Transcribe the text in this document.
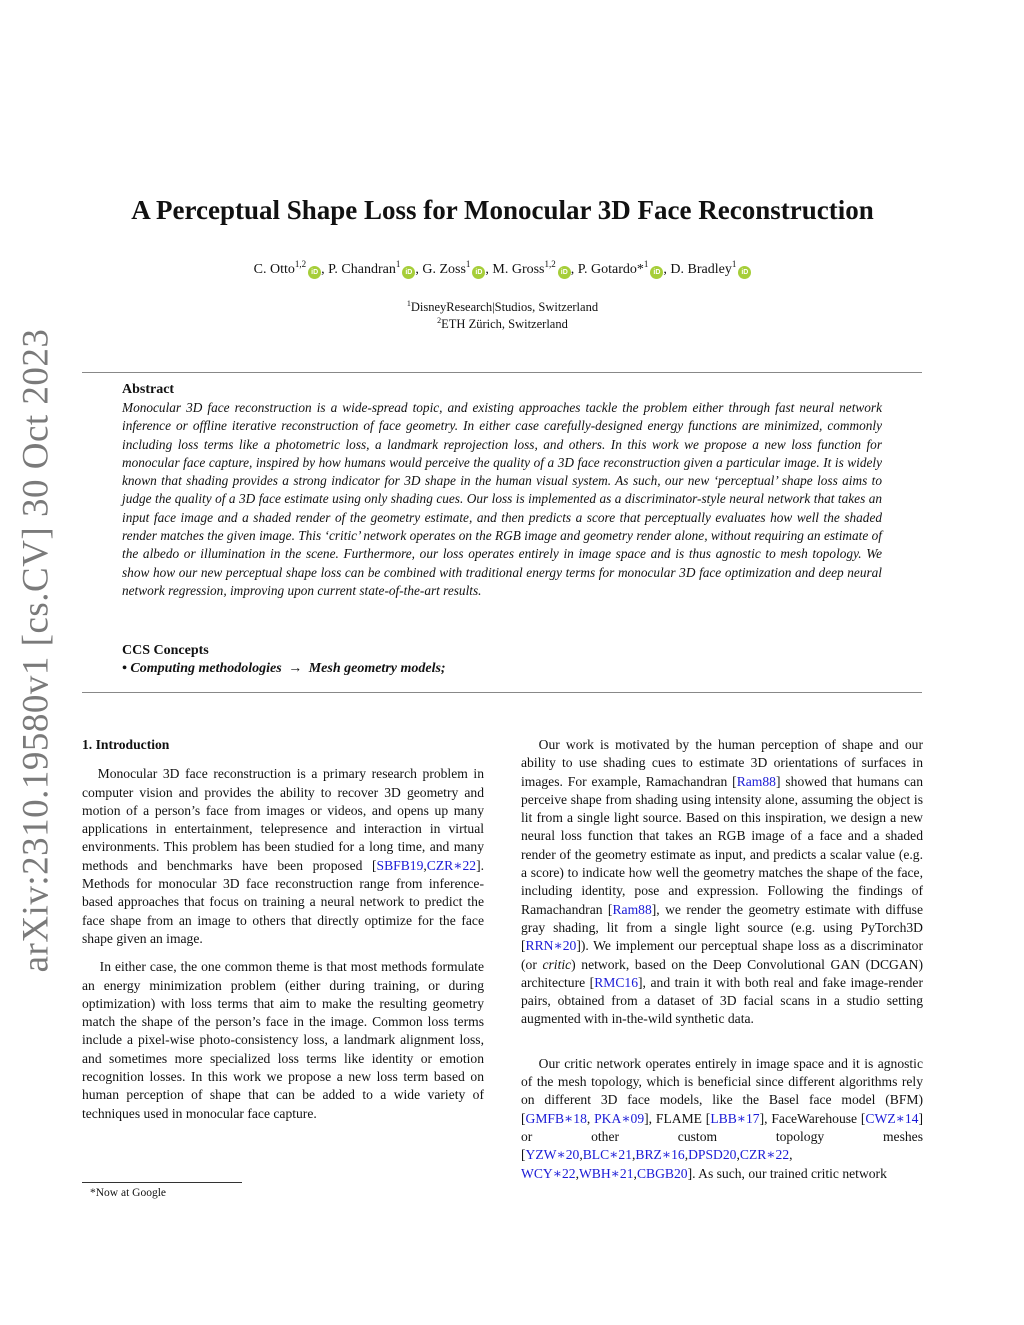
arXiv:2310.19580v1 [cs.CV] 30 Oct 2023
A Perceptual Shape Loss for Monocular 3D Face Reconstruction
C. Otto$^{1,2}$iD , P. Chandran$^1$iD , G. Zoss$^1$iD , M. Gross$^{1,2}$iD , P. Gotardo*$^1$iD , D. Bradley$^1$iD
$^1$DisneyResearch|Studios, Switzerland
$^2$ETH Zürich, Switzerland
Abstract

Monocular 3D face reconstruction is a wide-spread topic, and existing approaches tackle the problem either through fast neural network inference or offline iterative reconstruction of face geometry. In either case carefully-designed energy functions are minimized, commonly including loss terms like a photometric loss, a landmark reprojection loss, and others. In this work we propose a new loss function for monocular face capture, inspired by how humans would perceive the quality of a 3D face reconstruction given a particular image. It is widely known that shading provides a strong indicator for 3D shape in the human visual system. As such, our new ‘perceptual’ shape loss aims to judge the quality of a 3D face estimate using only shading cues. Our loss is implemented as a discriminator-style neural network that takes an input face image and a shaded render of the geometry estimate, and then predicts a score that perceptually evaluates how well the shaded render matches the given image. This ‘critic’ network operates on the RGB image and geometry render alone, without requiring an estimate of the albedo or illumination in the scene. Furthermore, our loss operates entirely in image space and is thus agnostic to mesh topology. We show how our new perceptual shape loss can be combined with traditional energy terms for monocular 3D face optimization and deep neural network regression, improving upon current state-of-the-art results.

CCS Concepts
• Computing methodologies → Mesh geometry models;
1. Introduction

Monocular 3D face reconstruction is a primary research problem in computer vision and provides the ability to recover 3D geometry and motion of a person’s face from images or videos, and opens up many applications in entertainment, telepresence and interaction in virtual environments. This problem has been studied for a long time, and many methods and benchmarks have been proposed [SBFB19,CZR∗22]. Methods for monocular 3D face reconstruction range from inference-based approaches that focus on training a neural network to predict the face shape from an image to others that directly optimize for the face shape given an image.

In either case, the one common theme is that most methods formulate an energy minimization problem (either during training, or during optimization) with loss terms that aim to make the resulting geometry match the shape of the person’s face in the image. Common loss terms include a pixel-wise photo-consistency loss, a landmark alignment loss, and sometimes more specialized loss terms like identity or emotion recognition losses. In this work we propose a new loss term based on human perception of shape that can be added to a wide variety of techniques used in monocular face capture.

Our work is motivated by the human perception of shape and our ability to use shading cues to estimate 3D orientations of surfaces in images. For example, Ramachandran [Ram88] showed that humans can perceive shape from shading using intensity alone, assuming the object is lit from a single light source. Based on this inspiration, we design a new neural loss function that takes an RGB image of a face and a shaded render of the geometry estimate as input, and predicts a scalar value (e.g. a score) to indicate how well the geometry matches the shape of the face, including identity, pose and expression. Following the findings of Ramachandran [Ram88], we render the geometry estimate with diffuse gray shading, lit from a single light source (e.g. using PyTorch3D [RRN∗20]). We implement our perceptual shape loss as a discriminator (or critic) network, based on the Deep Convolutional GAN (DCGAN) architecture [RMC16], and train it with both real and fake image-render pairs, obtained from a dataset of 3D facial scans in a studio setting augmented with in-the-wild synthetic data.

Our critic network operates entirely in image space and it is agnostic of the mesh topology, which is beneficial since different algorithms rely on different 3D face models, like the Basel face model (BFM) [GMFB∗18, PKA∗09], FLAME [LBB∗17], FaceWarehouse [CWZ∗14] or other custom topology meshes [YZW∗20,BLC∗21,BRZ∗16,DPSD20,CZR∗22, WCY∗22,WBH∗21,CBGB20]. As such, our trained critic network

*Now at Google
